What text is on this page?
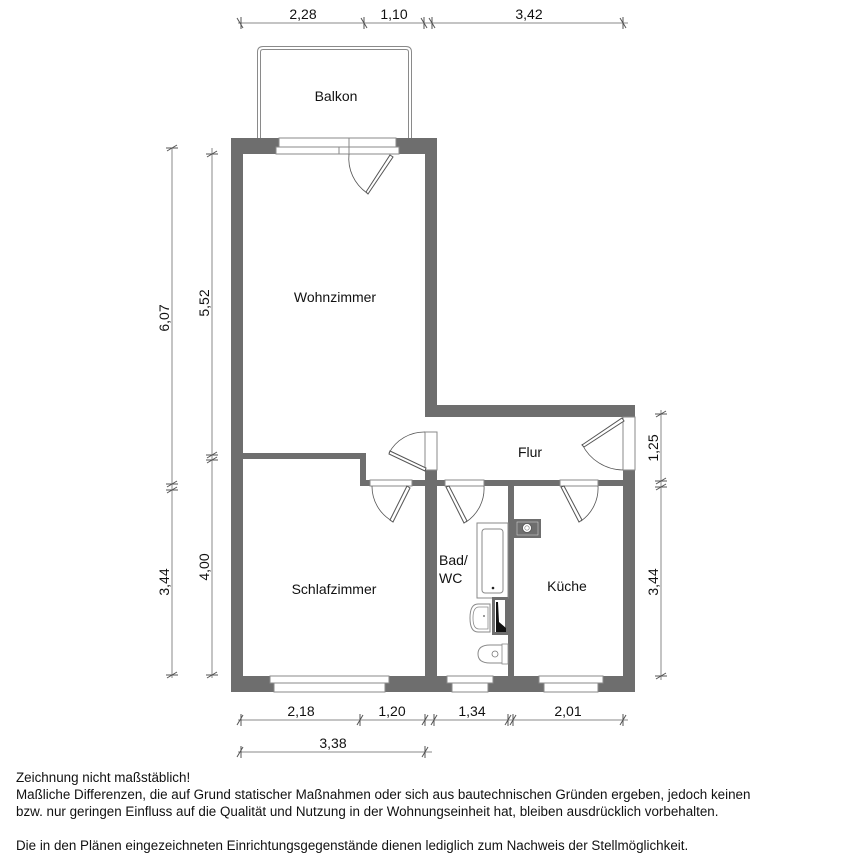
2,28	1,10	3,42
6,07
3,44
5,52
4,00
1,25
3,44
2,18	1,20	1,34	2,01
3,38
Balkon
Wohnzimmer
Flur
Schlafzimmer
Bad/
WC	Küche

Zeichnung nicht maßstäblich!

Maßliche Differenzen, die auf Grund statischer Maßnahmen oder sich aus bautechnischen Gründen ergeben, jedoch keinen

bzw. nur geringen Einfluss auf die Qualität und Nutzung in der Wohnungseinheit hat, bleiben ausdrücklich vorbehalten.

Die in den Plänen eingezeichneten Einrichtungsgegenstände dienen lediglich zum Nachweis der Stellmöglichkeit.
